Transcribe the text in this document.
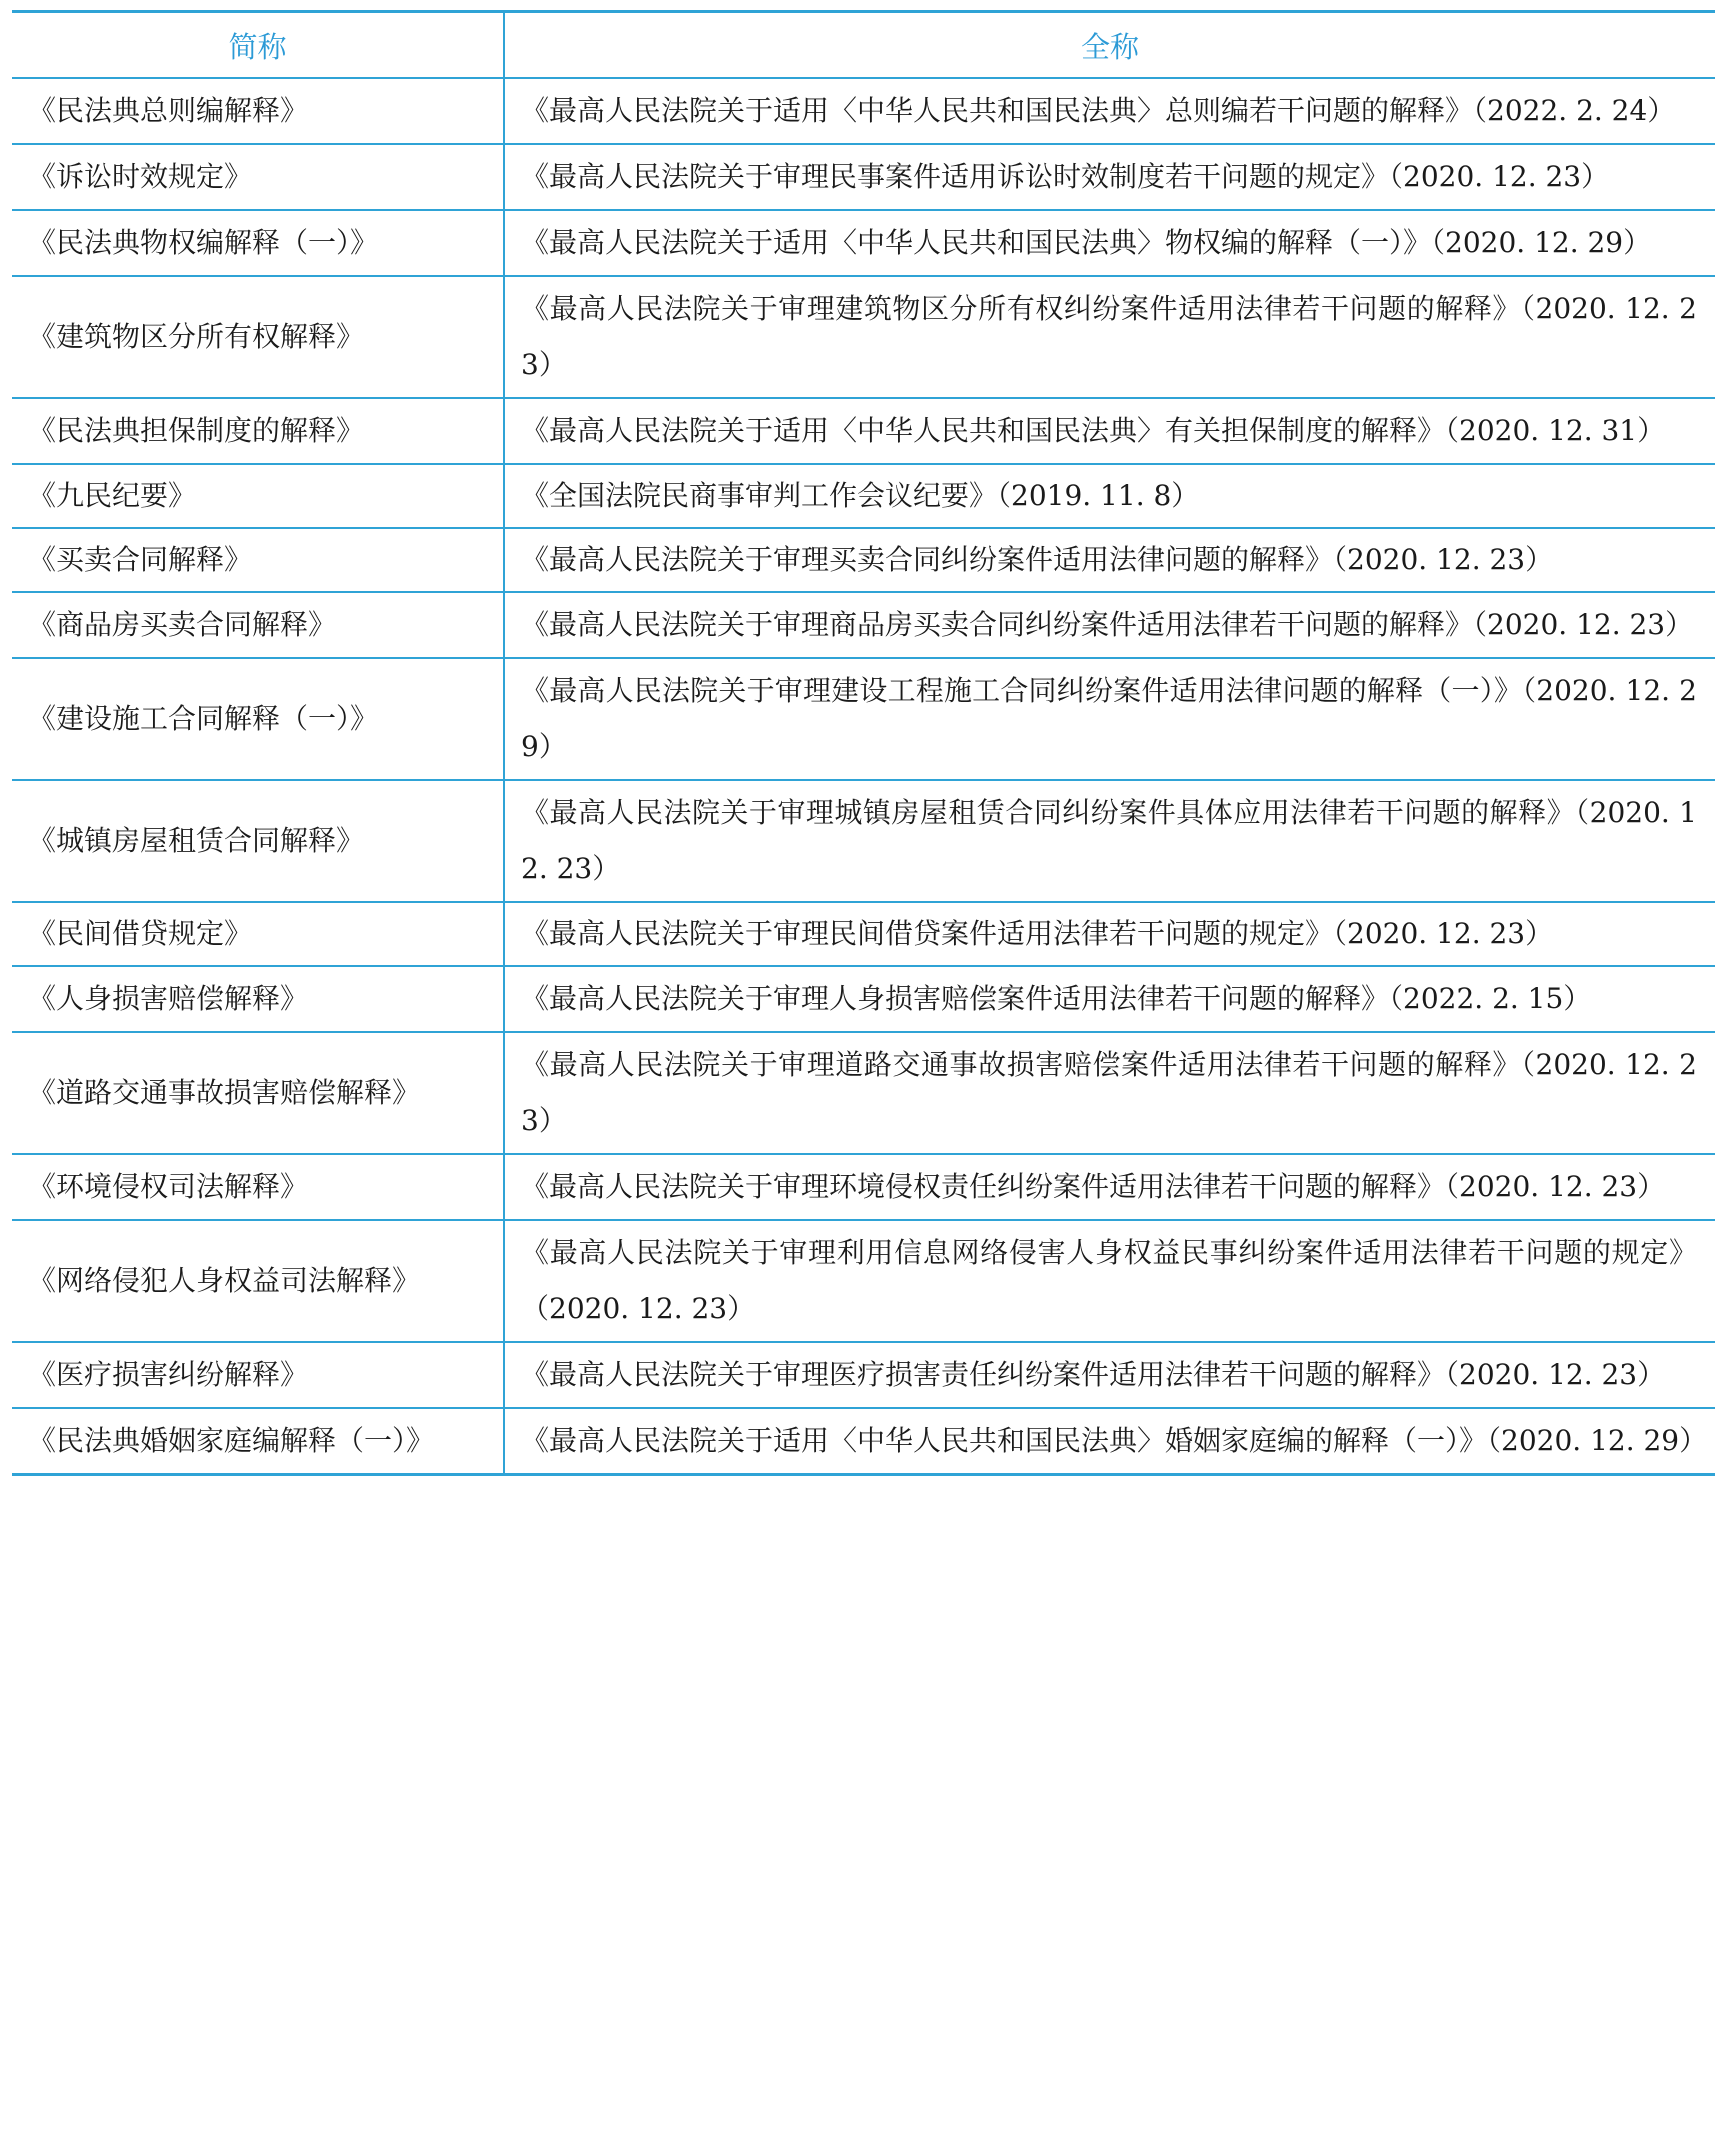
简称	全称
《民法典总则编解释》	《最高人民法院关于适用〈中华人民共和国民法典〉总则编若干问题的解释》（2022. 2. 24）
《诉讼时效规定》	《最高人民法院关于审理民事案件适用诉讼时效制度若干问题的规定》（2020. 12. 23）
《民法典物权编解释（一）》	《最高人民法院关于适用〈中华人民共和国民法典〉物权编的解释（一）》（2020. 12. 29）
《建筑物区分所有权解释》	《最高人民法院关于审理建筑物区分所有权纠纷案件适用法律若干问题的解释》（2020. 12. 23）
《民法典担保制度的解释》	《最高人民法院关于适用〈中华人民共和国民法典〉有关担保制度的解释》（2020. 12. 31）
《九民纪要》	《全国法院民商事审判工作会议纪要》（2019. 11. 8）
《买卖合同解释》	《最高人民法院关于审理买卖合同纠纷案件适用法律问题的解释》（2020. 12. 23）
《商品房买卖合同解释》	《最高人民法院关于审理商品房买卖合同纠纷案件适用法律若干问题的解释》（2020. 12. 23）
《建设施工合同解释（一）》	《最高人民法院关于审理建设工程施工合同纠纷案件适用法律问题的解释（一）》（2020. 12. 29）
《城镇房屋租赁合同解释》	《最高人民法院关于审理城镇房屋租赁合同纠纷案件具体应用法律若干问题的解释》（2020. 12. 23）
《民间借贷规定》	《最高人民法院关于审理民间借贷案件适用法律若干问题的规定》（2020. 12. 23）
《人身损害赔偿解释》	《最高人民法院关于审理人身损害赔偿案件适用法律若干问题的解释》（2022. 2. 15）
《道路交通事故损害赔偿解释》	《最高人民法院关于审理道路交通事故损害赔偿案件适用法律若干问题的解释》（2020. 12. 23）
《环境侵权司法解释》	《最高人民法院关于审理环境侵权责任纠纷案件适用法律若干问题的解释》（2020. 12. 23）
《网络侵犯人身权益司法解释》	《最高人民法院关于审理利用信息网络侵害人身权益民事纠纷案件适用法律若干问题的规定》（2020. 12. 23）
《医疗损害纠纷解释》	《最高人民法院关于审理医疗损害责任纠纷案件适用法律若干问题的解释》（2020. 12. 23）
《民法典婚姻家庭编解释（一）》	《最高人民法院关于适用〈中华人民共和国民法典〉婚姻家庭编的解释（一）》（2020. 12. 29）
